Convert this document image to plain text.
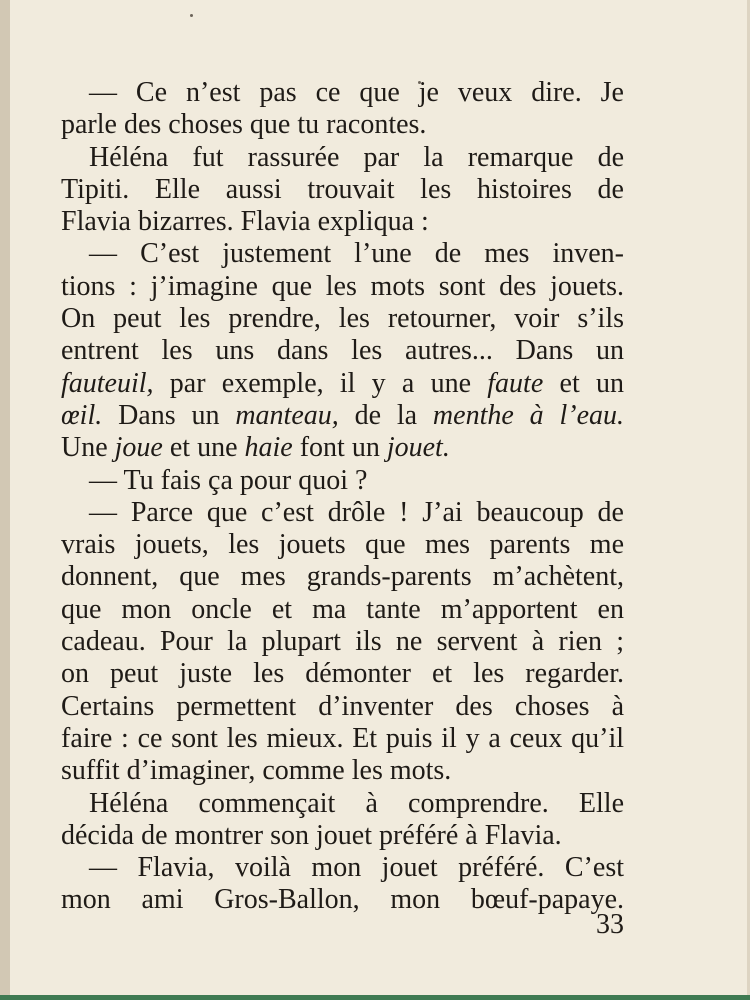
— Ce n’est pas ce que je veux dire. Je
parle des choses que tu racontes.
Héléna fut rassurée par la remarque de
Tipiti. Elle aussi trouvait les histoires de
Flavia bizarres. Flavia expliqua :
— C’est justement l’une de mes inven-
tions : j’imagine que les mots sont des jouets.
On peut les prendre, les retourner, voir s’ils
entrent les uns dans les autres... Dans un
fauteuil, par exemple, il y a une faute et un
œil. Dans un manteau, de la menthe à l’eau.
Une joue et une haie font un jouet.
— Tu fais ça pour quoi ?
— Parce que c’est drôle ! J’ai beaucoup de
vrais jouets, les jouets que mes parents me
donnent, que mes grands-parents m’achètent,
que mon oncle et ma tante m’apportent en
cadeau. Pour la plupart ils ne servent à rien ;
on peut juste les démonter et les regarder.
Certains permettent d’inventer des choses à
faire : ce sont les mieux. Et puis il y a ceux qu’il
suffit d’imaginer, comme les mots.
Héléna commençait à comprendre. Elle
décida de montrer son jouet préféré à Flavia.
— Flavia, voilà mon jouet préféré. C’est
mon ami Gros-Ballon, mon bœuf-papaye.
33
